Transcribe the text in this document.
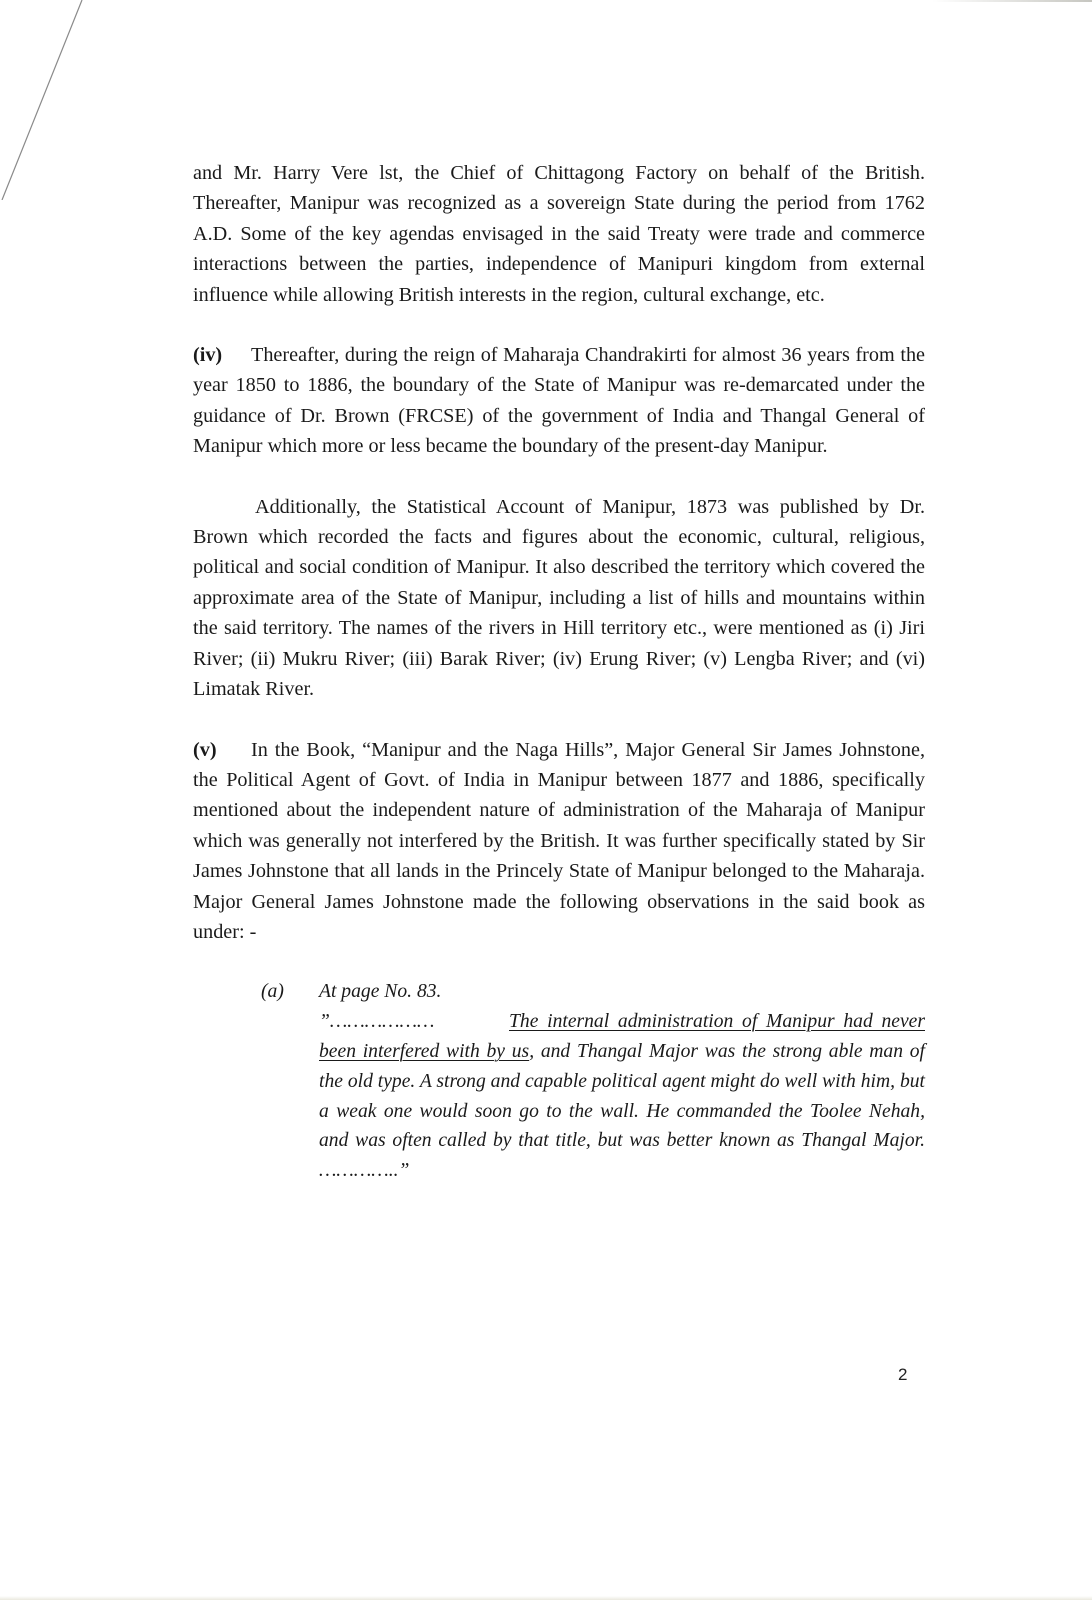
and Mr. Harry Vere lst, the Chief of Chittagong Factory on behalf of the British. Thereafter, Manipur was recognized as a sovereign State during the period from 1762 A.D. Some of the key agendas envisaged in the said Treaty were trade and commerce interactions between the parties, independence of Manipuri kingdom from external influence while allowing British interests in the region, cultural exchange, etc.

(iv) Thereafter, during the reign of Maharaja Chandrakirti for almost 36 years from the year 1850 to 1886, the boundary of the State of Manipur was re-demarcated under the guidance of Dr. Brown (FRCSE) of the government of India and Thangal General of Manipur which more or less became the boundary of the present-day Manipur.

Additionally, the Statistical Account of Manipur, 1873 was published by Dr. Brown which recorded the facts and figures about the economic, cultural, religious, political and social condition of Manipur. It also described the territory which covered the approximate area of the State of Manipur, including a list of hills and mountains within the said territory. The names of the rivers in Hill territory etc., were mentioned as (i) Jiri River; (ii) Mukru River; (iii) Barak River; (iv) Erung River; (v) Lengba River; and (vi) Limatak River.

(v) In the Book, “Manipur and the Naga Hills”, Major General Sir James Johnstone, the Political Agent of Govt. of India in Manipur between 1877 and 1886, specifically mentioned about the independent nature of administration of the Maharaja of Manipur which was generally not interfered by the British. It was further specifically stated by Sir James Johnstone that all lands in the Princely State of Manipur belonged to the Maharaja. Major General James Johnstone made the following observations in the said book as under: -

(a) At page No. 83.
”………………	The internal administration of Manipur had never been interfered with by us, and Thangal Major was the strong able man of the old type. A strong and capable political agent might do well with him, but a weak one would soon go to the wall. He commanded the Toolee Nehah, and was often called by that title, but was better known as Thangal Major. …………..”
2
